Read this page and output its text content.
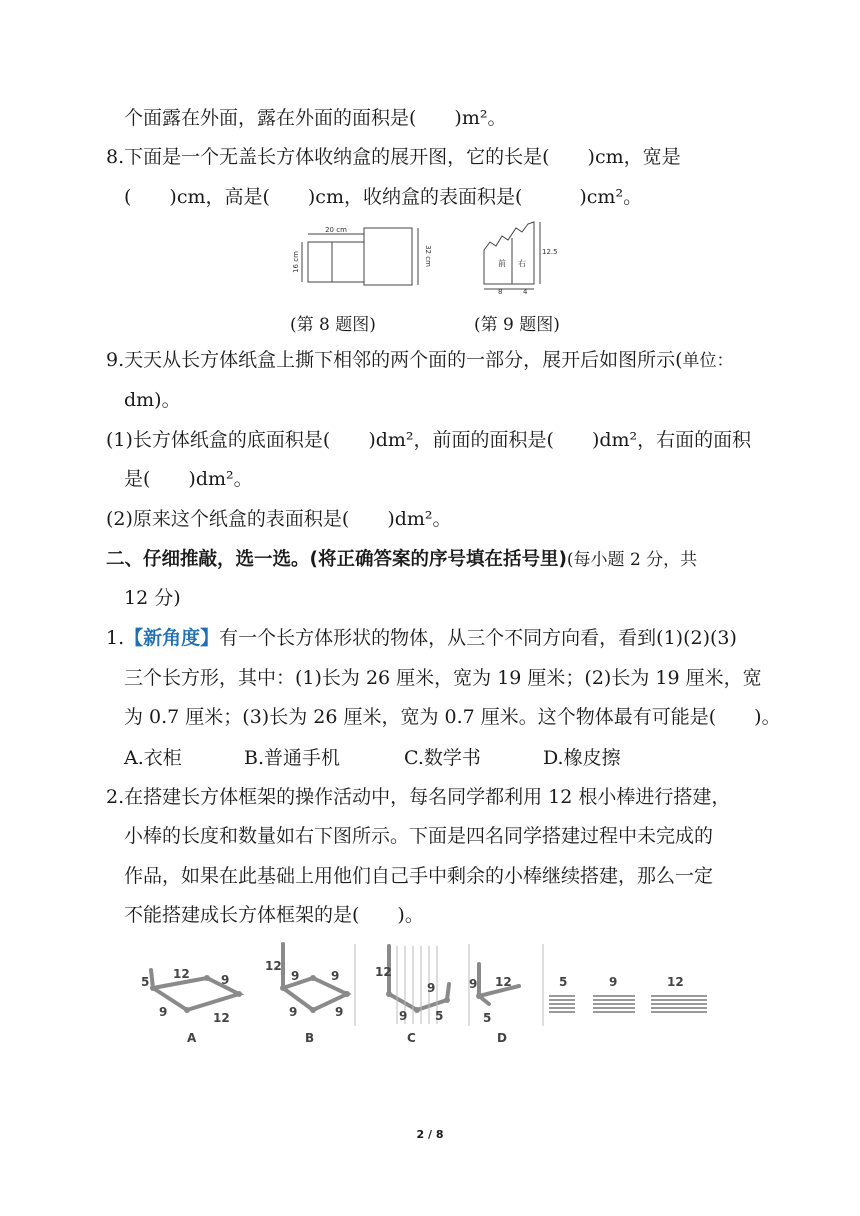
个面露在外面，露在外面的面积是(　　)m²。
8.下面是一个无盖长方体收纳盒的展开图，它的长是(　　)cm，宽是
(　　)cm，高是(　　)cm，收纳盒的表面积是(　　　)cm²。
20 cm
16 cm	32 cm	前 右
12.5
8	4
(第 8 题图)	(第 9 题图)
9.天天从长方体纸盒上撕下相邻的两个面的一部分，展开后如图所示(单位：
dm)。
(1)长方体纸盒的底面积是(　　)dm²，前面的面积是(　　)dm²，右面的面积
是(　　)dm²。
(2)原来这个纸盒的表面积是(　　)dm²。
二、仔细推敲，选一选。(将正确答案的序号填在括号里)(每小题 2 分，共
12 分)
1.【新角度】有一个长方体形状的物体，从三个不同方向看，看到(1)(2)(3)
三个长方形，其中：(1)长为 26 厘米，宽为 19 厘米；(2)长为 19 厘米，宽
为 0.7 厘米；(3)长为 26 厘米，宽为 0.7 厘米。这个物体最有可能是(　　)。
A.衣柜	B.普通手机	C.数学书	D.橡皮擦
2.在搭建长方体框架的操作活动中，每名同学都利用 12 根小棒进行搭建，
小棒的长度和数量如右下图所示。下面是四名同学搭建过程中未完成的
作品，如果在此基础上用他们自己手中剩余的小棒继续搭建，那么一定
不能搭建成长方体框架的是(　　)。
5
12	9
9	12
12
9	9
9	9
12
9
9 5
9 12
5
5	9	12
A	B	C	D
2 / 8
